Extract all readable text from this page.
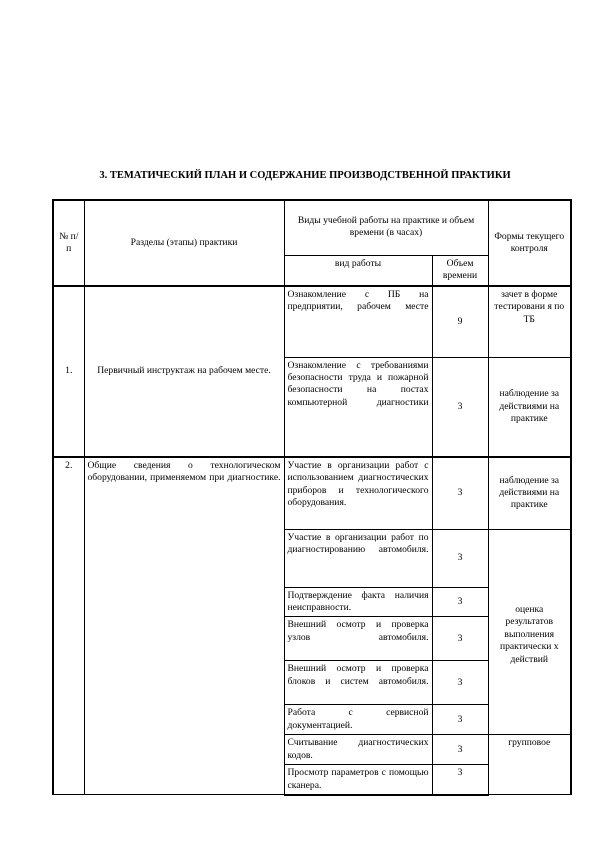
3. ТЕМАТИЧЕСКИЙ ПЛАН И СОДЕРЖАНИЕ ПРОИЗВОДСТВЕННОЙ ПРАКТИКИ
№ п/п	Разделы (этапы) практики	Виды учебной работы на практике и объем времени (в часах)		Формы текущего контроля
		вид работы	Объем времени	
1.	Первичный инструктаж на рабочем месте.	Ознакомление с ПБ на предприятии, рабочем месте	9	зачет в форме тестировани я по ТБ
		Ознакомление с требованиями безопасности труда и пожарной безопасности на постах компьютерной диагностики	3	наблюдение за действиями на практике
2.	Общие сведения о технологическом оборудовании, применяемом при диагностике.	Участие в организации работ с использованием диагностических приборов и технологического оборудования.	3	наблюдение за действиями на практике
		Участие в организации работ по диагностированию автомобиля.	3	оценка результатов выполнения практически х действий
		Подтверждение факта наличия неисправности.	3	
		Внешний осмотр и проверка узлов автомобиля.	3	
		Внешний осмотр и проверка блоков и систем автомобиля.	3	
		Работа с сервисной документацией.	3	
		Считывание диагностических кодов.	3	групповое
		Просмотр параметров с помощью сканера.	3	
